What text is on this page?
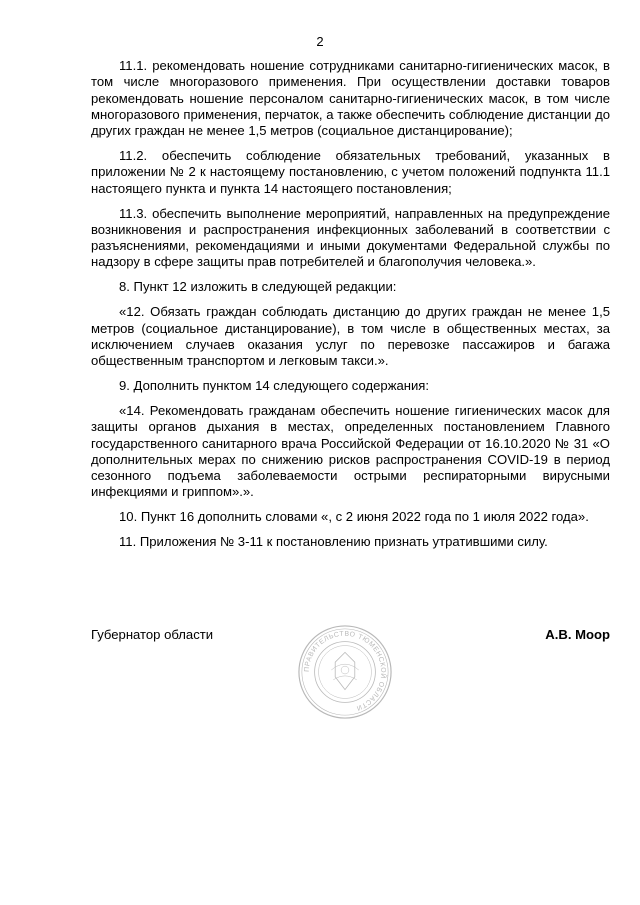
2

11.1. рекомендовать ношение сотрудниками санитарно-гигиенических масок, в том числе многоразового применения. При осуществлении доставки товаров рекомендовать ношение персоналом санитарно-гигиенических масок, в том числе многоразового применения, перчаток, а также обеспечить соблюдение дистанции до других граждан не менее 1,5 метров (социальное дистанцирование);

11.2. обеспечить соблюдение обязательных требований, указанных в приложении № 2 к настоящему постановлению, с учетом положений подпункта 11.1 настоящего пункта и пункта 14 настоящего постановления;

11.3. обеспечить выполнение мероприятий, направленных на предупреждение возникновения и распространения инфекционных заболеваний в соответствии с разъяснениями, рекомендациями и иными документами Федеральной службы по надзору в сфере защиты прав потребителей и благополучия человека.».

8. Пункт 12 изложить в следующей редакции:

«12. Обязать граждан соблюдать дистанцию до других граждан не менее 1,5 метров (социальное дистанцирование), в том числе в общественных местах, за исключением случаев оказания услуг по перевозке пассажиров и багажа общественным транспортом и легковым такси.».

9. Дополнить пунктом 14 следующего содержания:

«14. Рекомендовать гражданам обеспечить ношение гигиенических масок для защиты органов дыхания в местах, определенных постановлением Главного государственного санитарного врача Российской Федерации от 16.10.2020 № 31 «О дополнительных мерах по снижению рисков распространения COVID-19 в период сезонного подъема заболеваемости острыми респираторными вирусными инфекциями и гриппом».».

10. Пункт 16 дополнить словами «, с 2 июня 2022 года по 1 июля 2022 года».

11. Приложения № 3-11 к постановлению признать утратившими силу.

Губернатор области	А.В. Моор
ПРАВИТЕЛЬСТВО ТЮМЕНСКОЙ ОБЛАСТИ
